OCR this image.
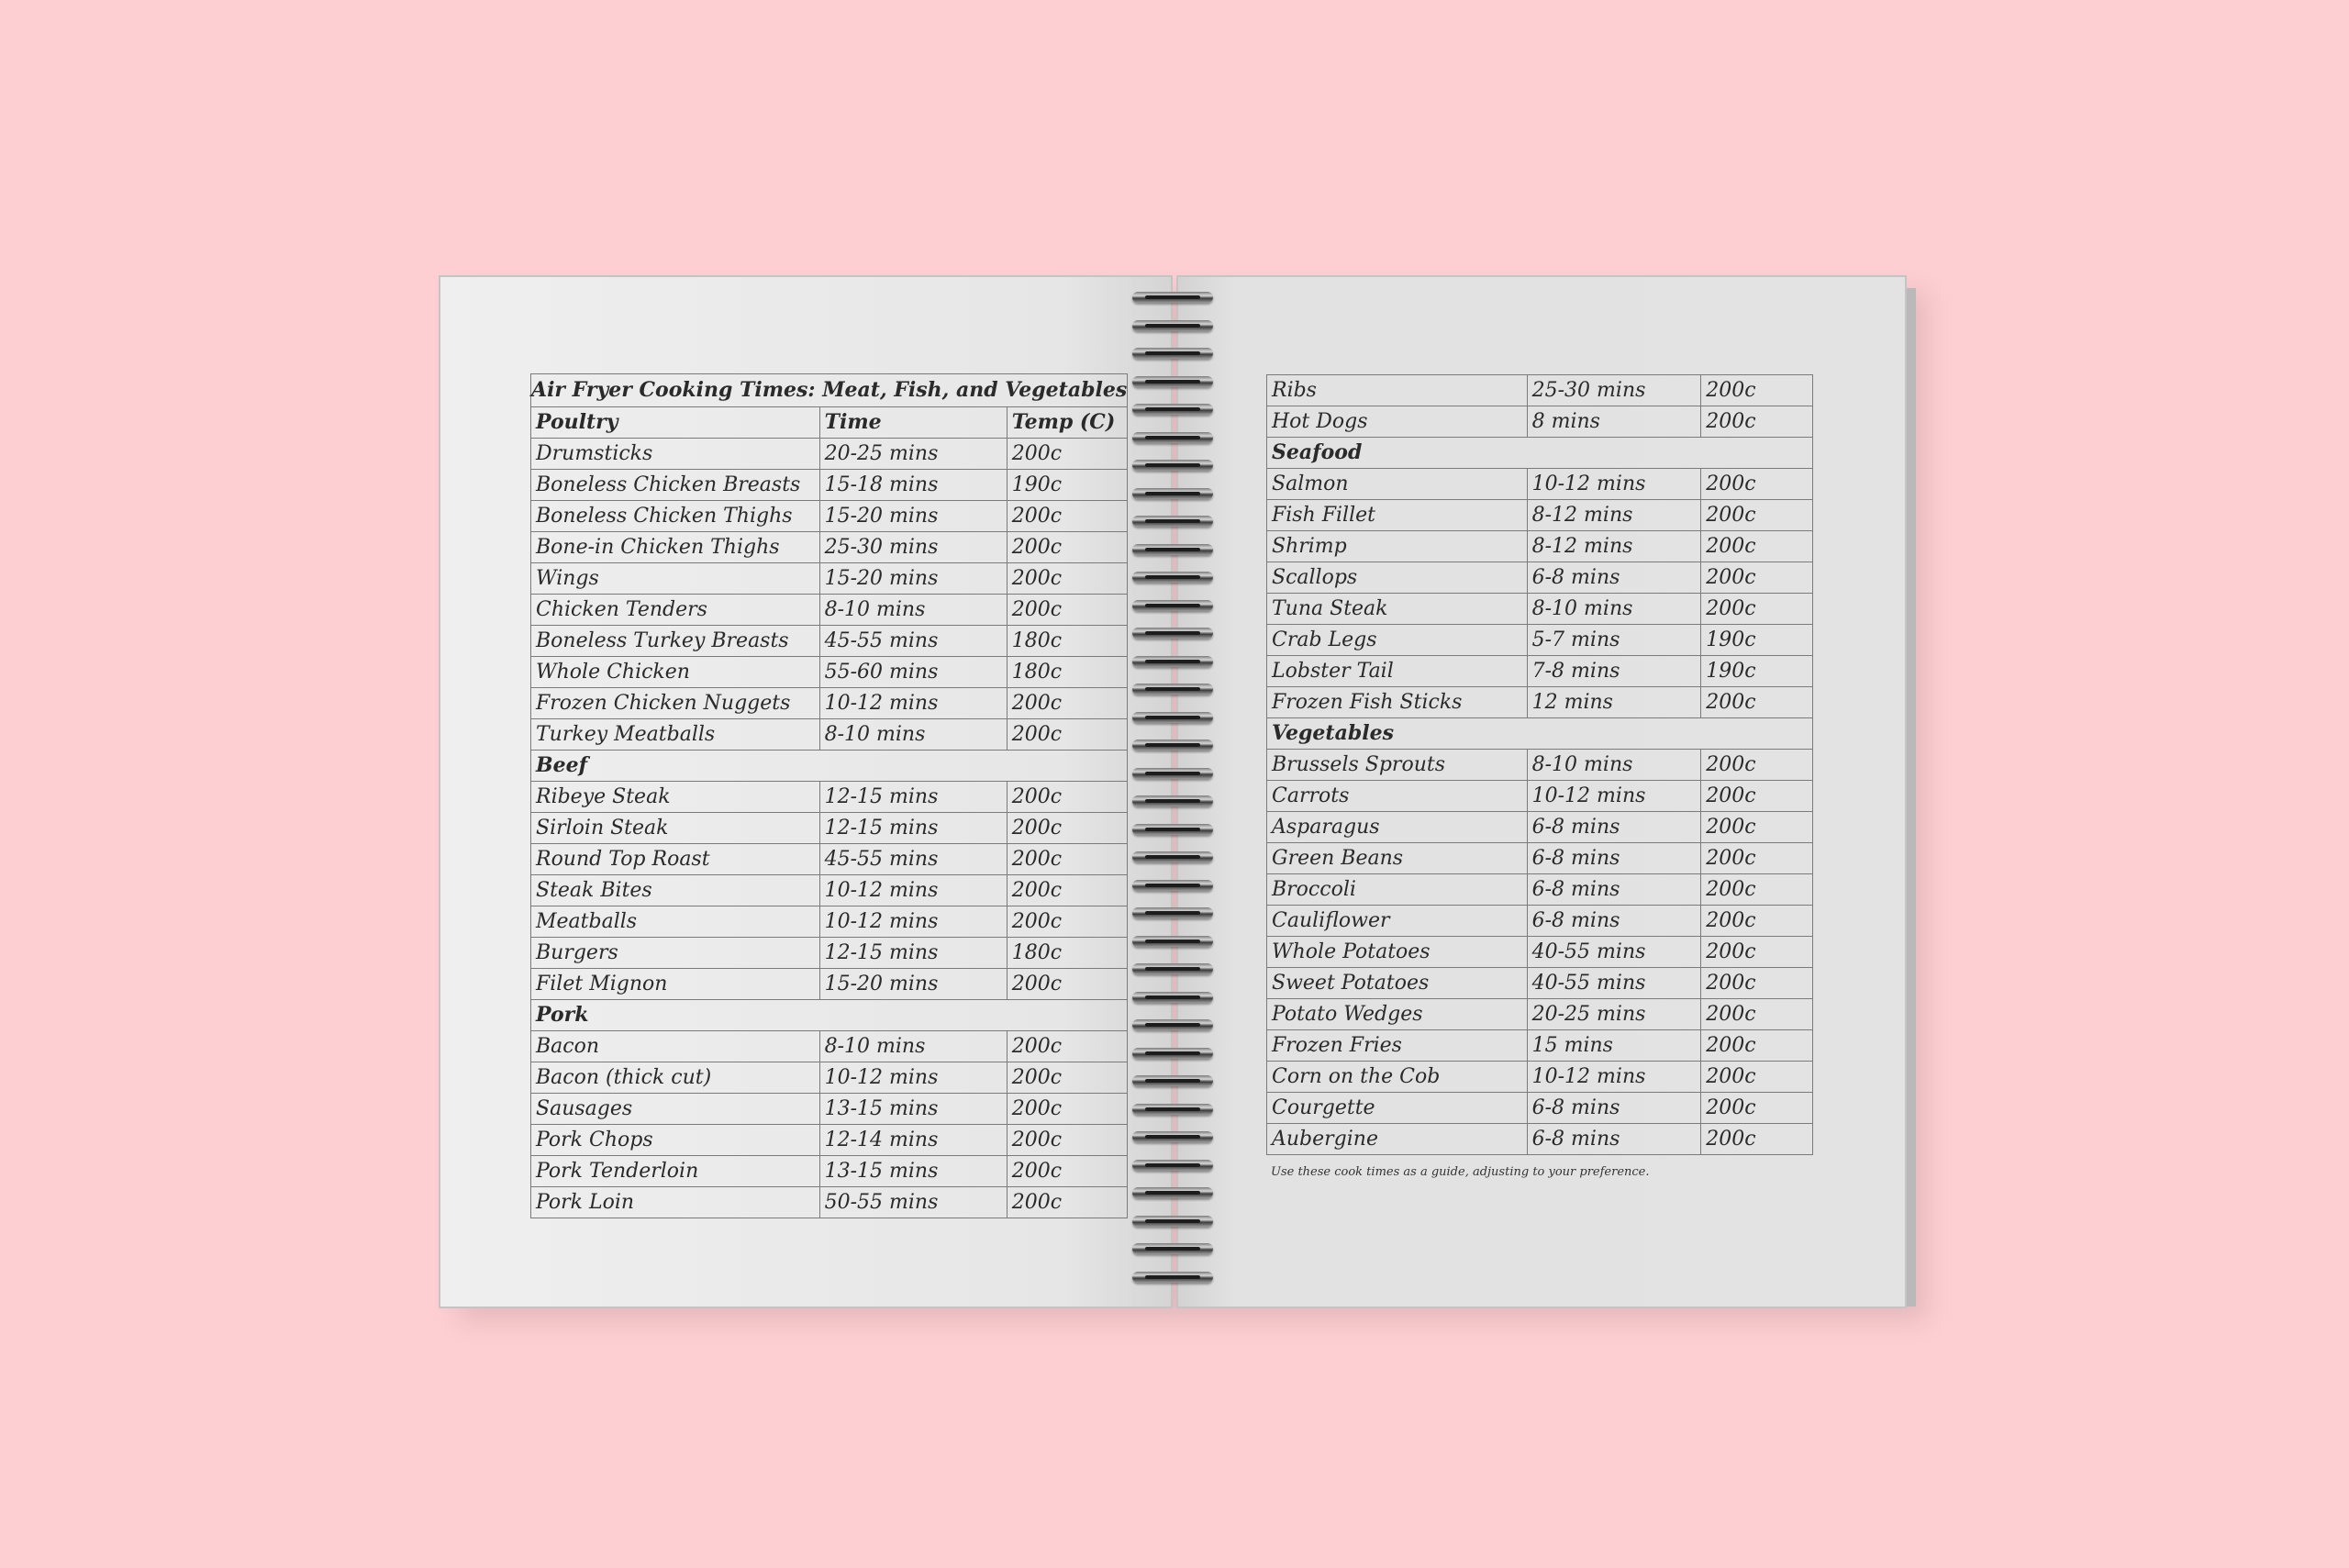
Air Fryer Cooking Times: Meat, Fish, and Vegetables		
Poultry	Time	Temp (C)
Drumsticks	20-25 mins	200c
Boneless Chicken Breasts	15-18 mins	190c
Boneless Chicken Thighs	15-20 mins	200c
Bone-in Chicken Thighs	25-30 mins	200c
Wings	15-20 mins	200c
Chicken Tenders	8-10 mins	200c
Boneless Turkey Breasts	45-55 mins	180c
Whole Chicken	55-60 mins	180c
Frozen Chicken Nuggets	10-12 mins	200c
Turkey Meatballs	8-10 mins	200c
Beef		
Ribeye Steak	12-15 mins	200c
Sirloin Steak	12-15 mins	200c
Round Top Roast	45-55 mins	200c
Steak Bites	10-12 mins	200c
Meatballs	10-12 mins	200c
Burgers	12-15 mins	180c
Filet Mignon	15-20 mins	200c
Pork		
Bacon	8-10 mins	200c
Bacon (thick cut)	10-12 mins	200c
Sausages	13-15 mins	200c
Pork Chops	12-14 mins	200c
Pork Tenderloin	13-15 mins	200c
Pork Loin	50-55 mins	200c
Ribs	25-30 mins	200c
Hot Dogs	8 mins	200c
Seafood		
Salmon	10-12 mins	200c
Fish Fillet	8-12 mins	200c
Shrimp	8-12 mins	200c
Scallops	6-8 mins	200c
Tuna Steak	8-10 mins	200c
Crab Legs	5-7 mins	190c
Lobster Tail	7-8 mins	190c
Frozen Fish Sticks	12 mins	200c
Vegetables		
Brussels Sprouts	8-10 mins	200c
Carrots	10-12 mins	200c
Asparagus	6-8 mins	200c
Green Beans	6-8 mins	200c
Broccoli	6-8 mins	200c
Cauliflower	6-8 mins	200c
Whole Potatoes	40-55 mins	200c
Sweet Potatoes	40-55 mins	200c
Potato Wedges	20-25 mins	200c
Frozen Fries	15 mins	200c
Corn on the Cob	10-12 mins	200c
Courgette	6-8 mins	200c
Aubergine	6-8 mins	200c
Use these cook times as a guide, adjusting to your preference.
